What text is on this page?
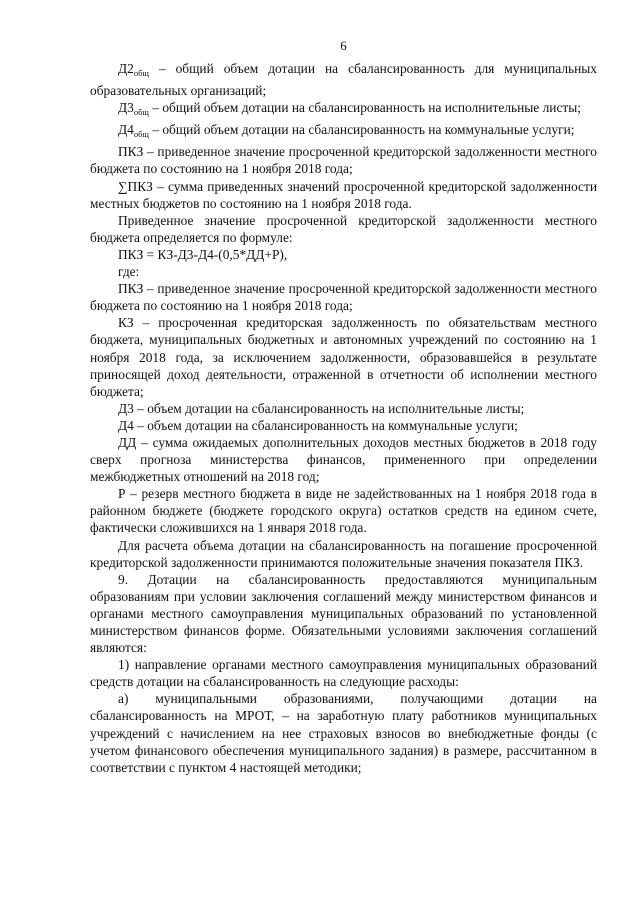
6

$Д2_{общ}$ – общий объем дотации на сбалансированность для муниципальных образовательных организаций;

$Д3_{общ}$ – общий объем дотации на сбалансированность на исполнительные листы;

$Д4_{общ}$ – общий объем дотации на сбалансированность на коммунальные услуги;

ПКЗ – приведенное значение просроченной кредиторской задолженности местного бюджета по состоянию на 1 ноября 2018 года;

∑ПКЗ – сумма приведенных значений просроченной кредиторской задолженности местных бюджетов по состоянию на 1 ноября 2018 года.

Приведенное значение просроченной кредиторской задолженности местного бюджета определяется по формуле:

ПКЗ = КЗ-Д3-Д4-(0,5*ДД+Р),

где:

ПКЗ – приведенное значение просроченной кредиторской задолженности местного бюджета по состоянию на 1 ноября 2018 года;

КЗ – просроченная кредиторская задолженность по обязательствам местного бюджета, муниципальных бюджетных и автономных учреждений по состоянию на 1 ноября 2018 года, за исключением задолженности, образовавшейся в результате приносящей доход деятельности, отраженной в отчетности об исполнении местного бюджета;

Д3 – объем дотации на сбалансированность на исполнительные листы;

Д4 – объем дотации на сбалансированность на коммунальные услуги;

ДД – сумма ожидаемых дополнительных доходов местных бюджетов в 2018 году сверх прогноза министерства финансов, примененного при определении межбюджетных отношений на 2018 год;

Р – резерв местного бюджета в виде не задействованных на 1 ноября 2018 года в районном бюджете (бюджете городского округа) остатков средств на едином счете, фактически сложившихся на 1 января 2018 года.

Для расчета объема дотации на сбалансированность на погашение просроченной кредиторской задолженности принимаются положительные значения показателя ПКЗ.

9. Дотации на сбалансированность предоставляются муниципальным образованиям при условии заключения соглашений между министерством финансов и органами местного самоуправления муниципальных образований по установленной министерством финансов форме. Обязательными условиями заключения соглашений являются:

1) направление органами местного самоуправления муниципальных образований средств дотации на сбалансированность на следующие расходы:

а) муниципальными образованиями, получающими дотации на сбалансированность на МРОТ, – на заработную плату работников муниципальных учреждений с начислением на нее страховых взносов во внебюджетные фонды (с учетом финансового обеспечения муниципального задания) в размере, рассчитанном в соответствии с пунктом 4 настоящей методики;
